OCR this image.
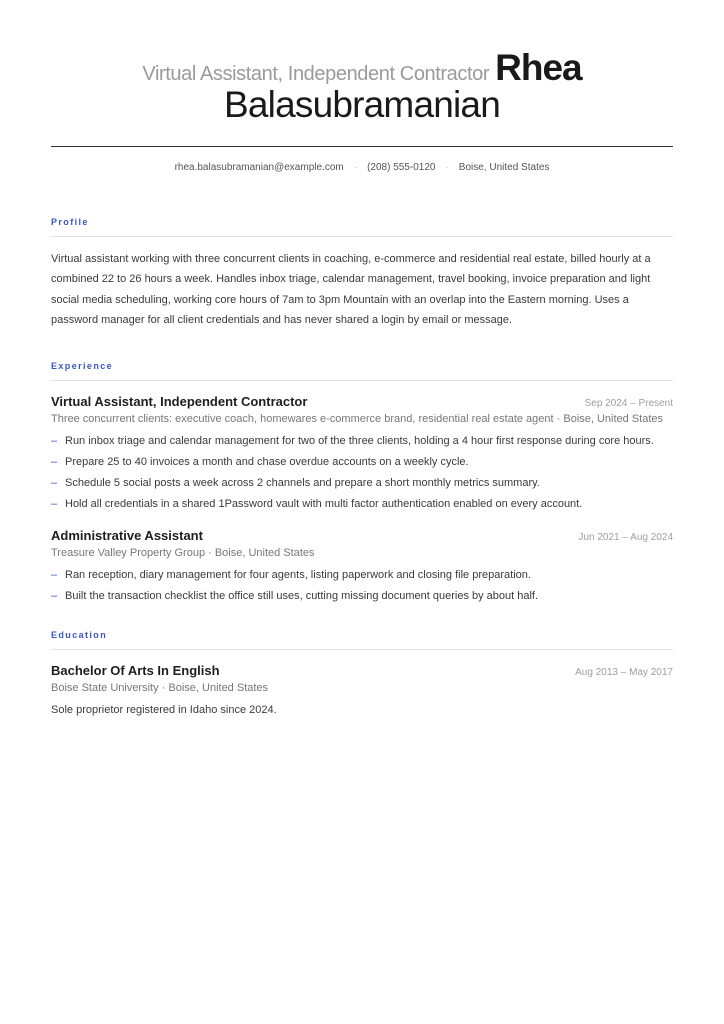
Virtual Assistant, Independent Contractor Rhea
Balasubramanian
rhea.balasubramanian@example.com · (208) 555-0120 · Boise, United States
Profile

Virtual assistant working with three concurrent clients in coaching, e-commerce and residential real estate, billed hourly at a combined 22 to 26 hours a week. Handles inbox triage, calendar management, travel booking, invoice preparation and light social media scheduling, working core hours of 7am to 3pm Mountain with an overlap into the Eastern morning. Uses a password manager for all client credentials and has never shared a login by email or message.

Experience
Virtual Assistant, Independent Contractor	Sep 2024 – Present
Three concurrent clients: executive coach, homewares e-commerce brand, residential real estate agent · Boise, United States
– Run inbox triage and calendar management for two of the three clients, holding a 4 hour first response during core hours.
– Prepare 25 to 40 invoices a month and chase overdue accounts on a weekly cycle.
– Schedule 5 social posts a week across 2 channels and prepare a short monthly metrics summary.
– Hold all credentials in a shared 1Password vault with multi factor authentication enabled on every account.
Administrative Assistant	Jun 2021 – Aug 2024
Treasure Valley Property Group · Boise, United States
– Ran reception, diary management for four agents, listing paperwork and closing file preparation.
– Built the transaction checklist the office still uses, cutting missing document queries by about half.
Education
Bachelor Of Arts In English	Aug 2013 – May 2017
Boise State University · Boise, United States
Sole proprietor registered in Idaho since 2024.
